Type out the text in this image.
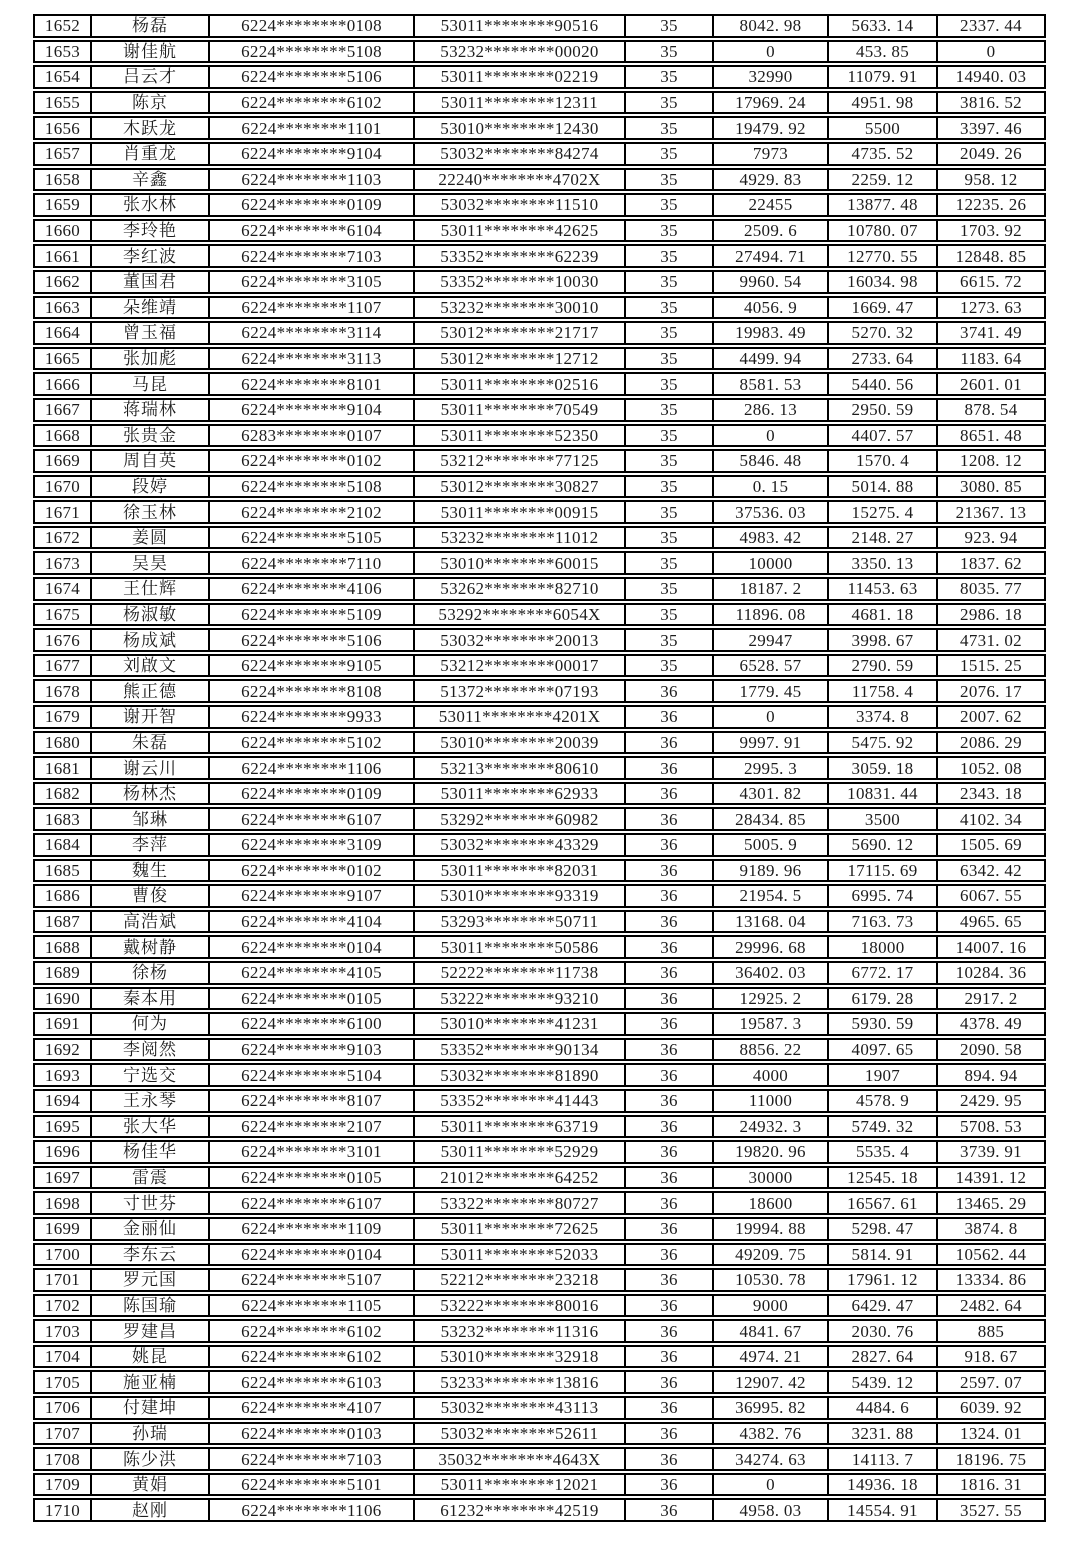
1652	杨磊	6224********0108	53011********90516	35	8042. 98	5633. 14	2337. 44
1653	谢佳航	6224********5108	53232********00020	35	0	453. 85	0
1654	吕云才	6224********5106	53011********02219	35	32990	11079. 91	14940. 03
1655	陈京	6224********6102	53011********12311	35	17969. 24	4951. 98	3816. 52
1656	木跃龙	6224********1101	53010********12430	35	19479. 92	5500	3397. 46
1657	肖重龙	6224********9104	53032********84274	35	7973	4735. 52	2049. 26
1658	辛鑫	6224********1103	22240********4702X	35	4929. 83	2259. 12	958. 12
1659	张水林	6224********0109	53032********11510	35	22455	13877. 48	12235. 26
1660	李玲艳	6224********6104	53011********42625	35	2509. 6	10780. 07	1703. 92
1661	李红波	6224********7103	53352********62239	35	27494. 71	12770. 55	12848. 85
1662	董国君	6224********3105	53352********10030	35	9960. 54	16034. 98	6615. 72
1663	朵维靖	6224********1107	53232********30010	35	4056. 9	1669. 47	1273. 63
1664	曾玉福	6224********3114	53012********21717	35	19983. 49	5270. 32	3741. 49
1665	张加彪	6224********3113	53012********12712	35	4499. 94	2733. 64	1183. 64
1666	马昆	6224********8101	53011********02516	35	8581. 53	5440. 56	2601. 01
1667	蒋瑞林	6224********9104	53011********70549	35	286. 13	2950. 59	878. 54
1668	张贵金	6283********0107	53011********52350	35	0	4407. 57	8651. 48
1669	周自英	6224********0102	53212********77125	35	5846. 48	1570. 4	1208. 12
1670	段婷	6224********5108	53012********30827	35	0. 15	5014. 88	3080. 85
1671	徐玉林	6224********2102	53011********00915	35	37536. 03	15275. 4	21367. 13
1672	姜圆	6224********5105	53232********11012	35	4983. 42	2148. 27	923. 94
1673	吴昊	6224********7110	53010********60015	35	10000	3350. 13	1837. 62
1674	王仕辉	6224********4106	53262********82710	35	18187. 2	11453. 63	8035. 77
1675	杨淑敏	6224********5109	53292********6054X	35	11896. 08	4681. 18	2986. 18
1676	杨成斌	6224********5106	53032********20013	35	29947	3998. 67	4731. 02
1677	刘啟文	6224********9105	53212********00017	35	6528. 57	2790. 59	1515. 25
1678	熊正德	6224********8108	51372********07193	36	1779. 45	11758. 4	2076. 17
1679	谢开智	6224********9933	53011********4201X	36	0	3374. 8	2007. 62
1680	朱磊	6224********5102	53010********20039	36	9997. 91	5475. 92	2086. 29
1681	谢云川	6224********1106	53213********80610	36	2995. 3	3059. 18	1052. 08
1682	杨林杰	6224********0109	53011********62933	36	4301. 82	10831. 44	2343. 18
1683	邹琳	6224********6107	53292********60982	36	28434. 85	3500	4102. 34
1684	李萍	6224********3109	53032********43329	36	5005. 9	5690. 12	1505. 69
1685	魏生	6224********0102	53011********82031	36	9189. 96	17115. 69	6342. 42
1686	曹俊	6224********9107	53010********93319	36	21954. 5	6995. 74	6067. 55
1687	高浩斌	6224********4104	53293********50711	36	13168. 04	7163. 73	4965. 65
1688	戴树静	6224********0104	53011********50586	36	29996. 68	18000	14007. 16
1689	徐杨	6224********4105	52222********11738	36	36402. 03	6772. 17	10284. 36
1690	秦本用	6224********0105	53222********93210	36	12925. 2	6179. 28	2917. 2
1691	何为	6224********6100	53010********41231	36	19587. 3	5930. 59	4378. 49
1692	李阅然	6224********9103	53352********90134	36	8856. 22	4097. 65	2090. 58
1693	宁选交	6224********5104	53032********81890	36	4000	1907	894. 94
1694	王永琴	6224********8107	53352********41443	36	11000	4578. 9	2429. 95
1695	张大华	6224********2107	53011********63719	36	24932. 3	5749. 32	5708. 53
1696	杨佳华	6224********3101	53011********52929	36	19820. 96	5535. 4	3739. 91
1697	雷震	6224********0105	21012********64252	36	30000	12545. 18	14391. 12
1698	寸世芬	6224********6107	53322********80727	36	18600	16567. 61	13465. 29
1699	金丽仙	6224********1109	53011********72625	36	19994. 88	5298. 47	3874. 8
1700	李东云	6224********0104	53011********52033	36	49209. 75	5814. 91	10562. 44
1701	罗元国	6224********5107	52212********23218	36	10530. 78	17961. 12	13334. 86
1702	陈国瑜	6224********1105	53222********80016	36	9000	6429. 47	2482. 64
1703	罗建昌	6224********6102	53232********11316	36	4841. 67	2030. 76	885
1704	姚昆	6224********6102	53010********32918	36	4974. 21	2827. 64	918. 67
1705	施亚楠	6224********6103	53233********13816	36	12907. 42	5439. 12	2597. 07
1706	付建坤	6224********4107	53032********43113	36	36995. 82	4484. 6	6039. 92
1707	孙瑞	6224********0103	53032********52611	36	4382. 76	3231. 88	1324. 01
1708	陈少洪	6224********7103	35032********4643X	36	34274. 63	14113. 7	18196. 75
1709	黄娟	6224********5101	53011********12021	36	0	14936. 18	1816. 31
1710	赵刚	6224********1106	61232********42519	36	4958. 03	14554. 91	3527. 55
